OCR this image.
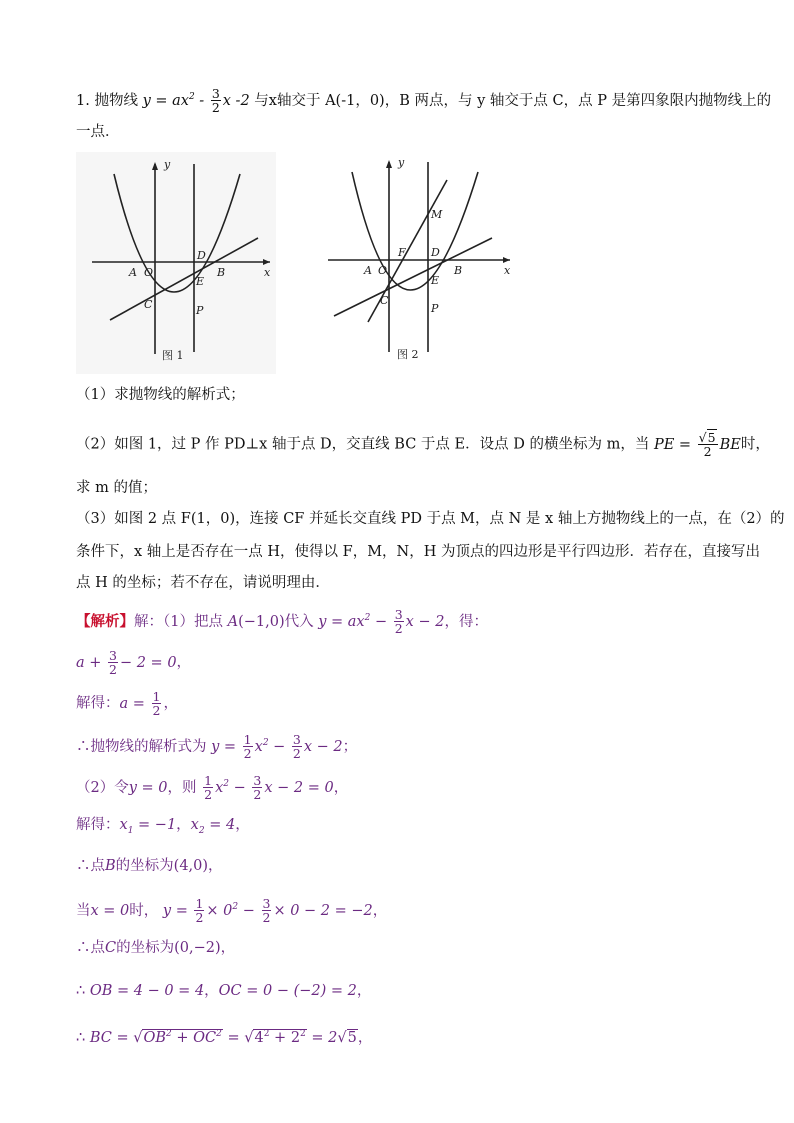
1. 抛物线 $y = ax^2 - \frac{3}{2}$ x -2 与x轴交于 A(-1，0)，B 两点，与 y 轴交于点 C，点 P 是第四象限内抛物线上的
一点．
y
x
A O
D
B
E
C	P
图 1
y
x
A O
F D
B
M
E
C
P
图 2
（1）求抛物线的解析式；
（2）如图 1，过 P 作 PD⊥x 轴于点 D，交直线 BC 于点 E．设点 D 的横坐标为 m，当 PE = $\frac{√5}{2}$ BE时，
求 m 的值；
（3）如图 2 点 F(1，0)，连接 CF 并延长交直线 PD 于点 M，点 N 是 x 轴上方抛物线上的一点，在（2）的
条件下，x 轴上是否存在一点 H，使得以 F，M，N，H 为顶点的四边形是平行四边形．若存在，直接写出
点 H 的坐标；若不存在，请说明理由．
【解析】解：（1）把点 A(−1,0)代入 $y = ax^2 - \frac{3}{2}$ x − 2，得：
$a + \frac{3}{2} - 2 = 0$，
解得：$a = \frac{1}{2}$ ，
∴抛物线的解析式为 $y = \frac{1}{2} x^2 - \frac{3}{2}$ x − 2；
（2）令y = 0，则 $\frac{1}{2} x^2 - \frac{3}{2}$ x − 2 = 0，
解得：$x_1 = -1$，$x_2 = 4$，
∴点B的坐标为(4,0)，
当x = 0时， $y = \frac{1}{2} \times 0^2 - \frac{3}{2} \times 0 - 2 = -2$，
∴点C的坐标为(0,−2)，
∴ OB = 4 − 0 = 4，OC = 0 − (−2) = 2，
∴ BC = $√OB^2 + OC^2 = √4^2 + 2^2 = 2√5$，
